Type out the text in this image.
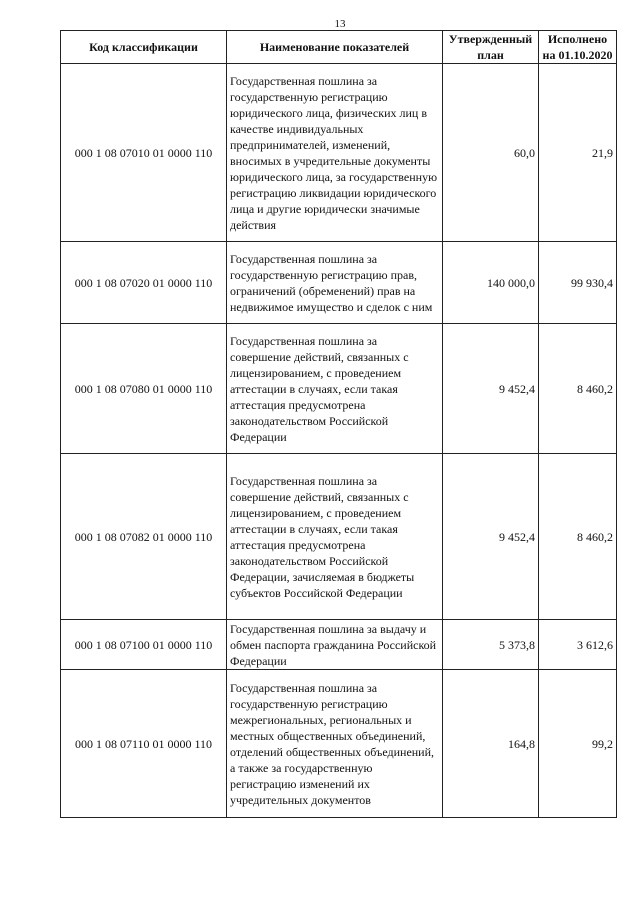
13
Код классификации	Наименование показателей	Утвержденный план	Исполнено на 01.10.2020
000 1 08 07010 01 0000 110	Государственная пошлина за государственную регистрацию юридического лица, физических лиц в качестве индивидуальных предпринимателей, изменений, вносимых в учредительные документы юридического лица, за государственную регистрацию ликвидации юридического лица и другие юридически значимые действия	60,0	21,9
000 1 08 07020 01 0000 110	Государственная пошлина за государственную регистрацию прав, ограничений (обременений) прав на недвижимое имущество и сделок с ним	140 000,0	99 930,4
000 1 08 07080 01 0000 110	Государственная пошлина за совершение действий, связанных с лицензированием, с проведением аттестации в случаях, если такая аттестация предусмотрена законодательством Российской Федерации	9 452,4	8 460,2
000 1 08 07082 01 0000 110	Государственная пошлина за совершение действий, связанных с лицензированием, с проведением аттестации в случаях, если такая аттестация предусмотрена законодательством Российской Федерации, зачисляемая в бюджеты субъектов Российской Федерации	9 452,4	8 460,2
000 1 08 07100 01 0000 110	Государственная пошлина за выдачу и обмен паспорта гражданина Российской Федерации	5 373,8	3 612,6
000 1 08 07110 01 0000 110	Государственная пошлина за государственную регистрацию межрегиональных, региональных и местных общественных объединений, отделений общественных объединений, а также за государственную регистрацию изменений их учредительных документов	164,8	99,2
